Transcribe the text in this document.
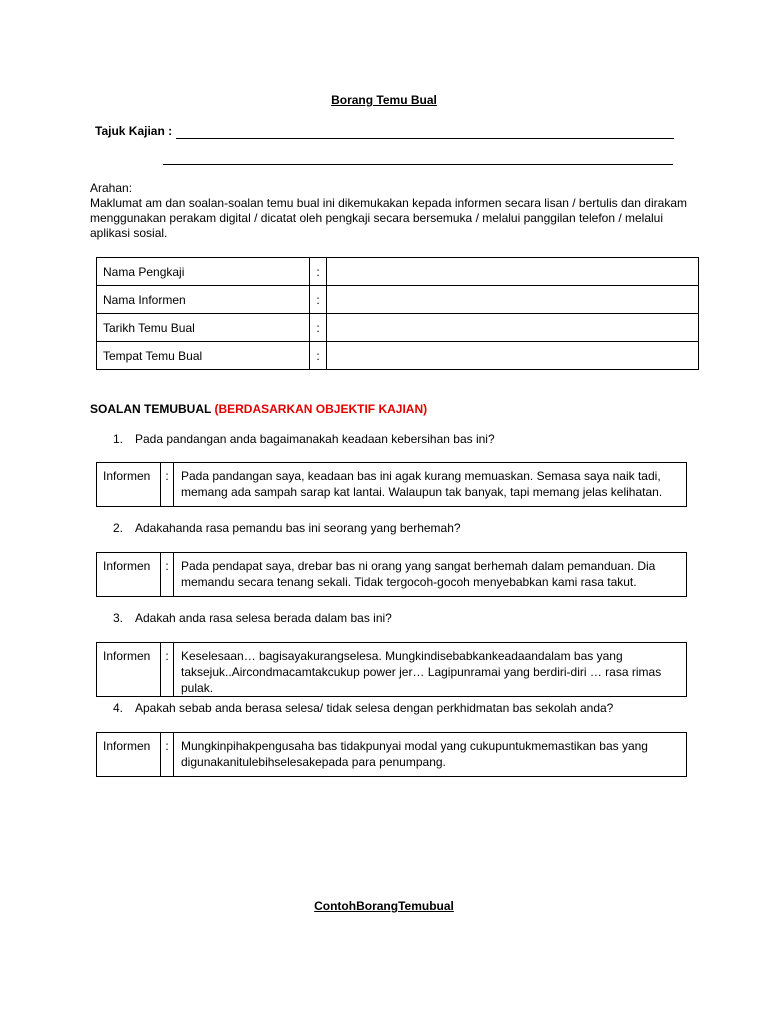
Borang Temu Bual
Tajuk Kajian :
Arahan:
Maklumat am dan soalan-soalan temu bual ini dikemukakan kepada informen secara lisan / bertulis dan dirakam menggunakan perakam digital / dicatat oleh pengkaji secara bersemuka / melalui panggilan telefon / melalui aplikasi sosial.
Nama Pengkaji	:	
Nama Informen	:	
Tarikh Temu Bual	:	
Tempat Temu Bual	:	
SOALAN TEMUBUAL (BERDASARKAN OBJEKTIF KAJIAN)
1. Pada pandangan anda bagaimanakah keadaan kebersihan bas ini?
Informen	:	Pada pandangan saya, keadaan bas ini agak kurang memuaskan. Semasa saya naik tadi,
memang ada sampah sarap kat lantai. Walaupun tak banyak, tapi memang jelas kelihatan.
2. Adakahanda rasa pemandu bas ini seorang yang berhemah?
Informen	:	Pada pendapat saya, drebar bas ni orang yang sangat berhemah dalam pemanduan. Dia
memandu secara tenang sekali. Tidak tergocoh-gocoh menyebabkan kami rasa takut.
3. Adakah anda rasa selesa berada dalam bas ini?
Informen	:	Keselesaan… bagisayakurangselesa. Mungkindisebabkankeadaandalam bas yang
taksejuk..Aircondmacamtakcukup power jer… Lagipunramai yang berdiri-diri … rasa rimas pulak.
4. Apakah sebab anda berasa selesa/ tidak selesa dengan perkhidmatan bas sekolah anda?
Informen	:	Mungkinpihakpengusaha bas tidakpunyai modal yang cukupuntukmemastikan bas yang
digunakanitulebihselesakepada para penumpang.
ContohBorangTemubual
